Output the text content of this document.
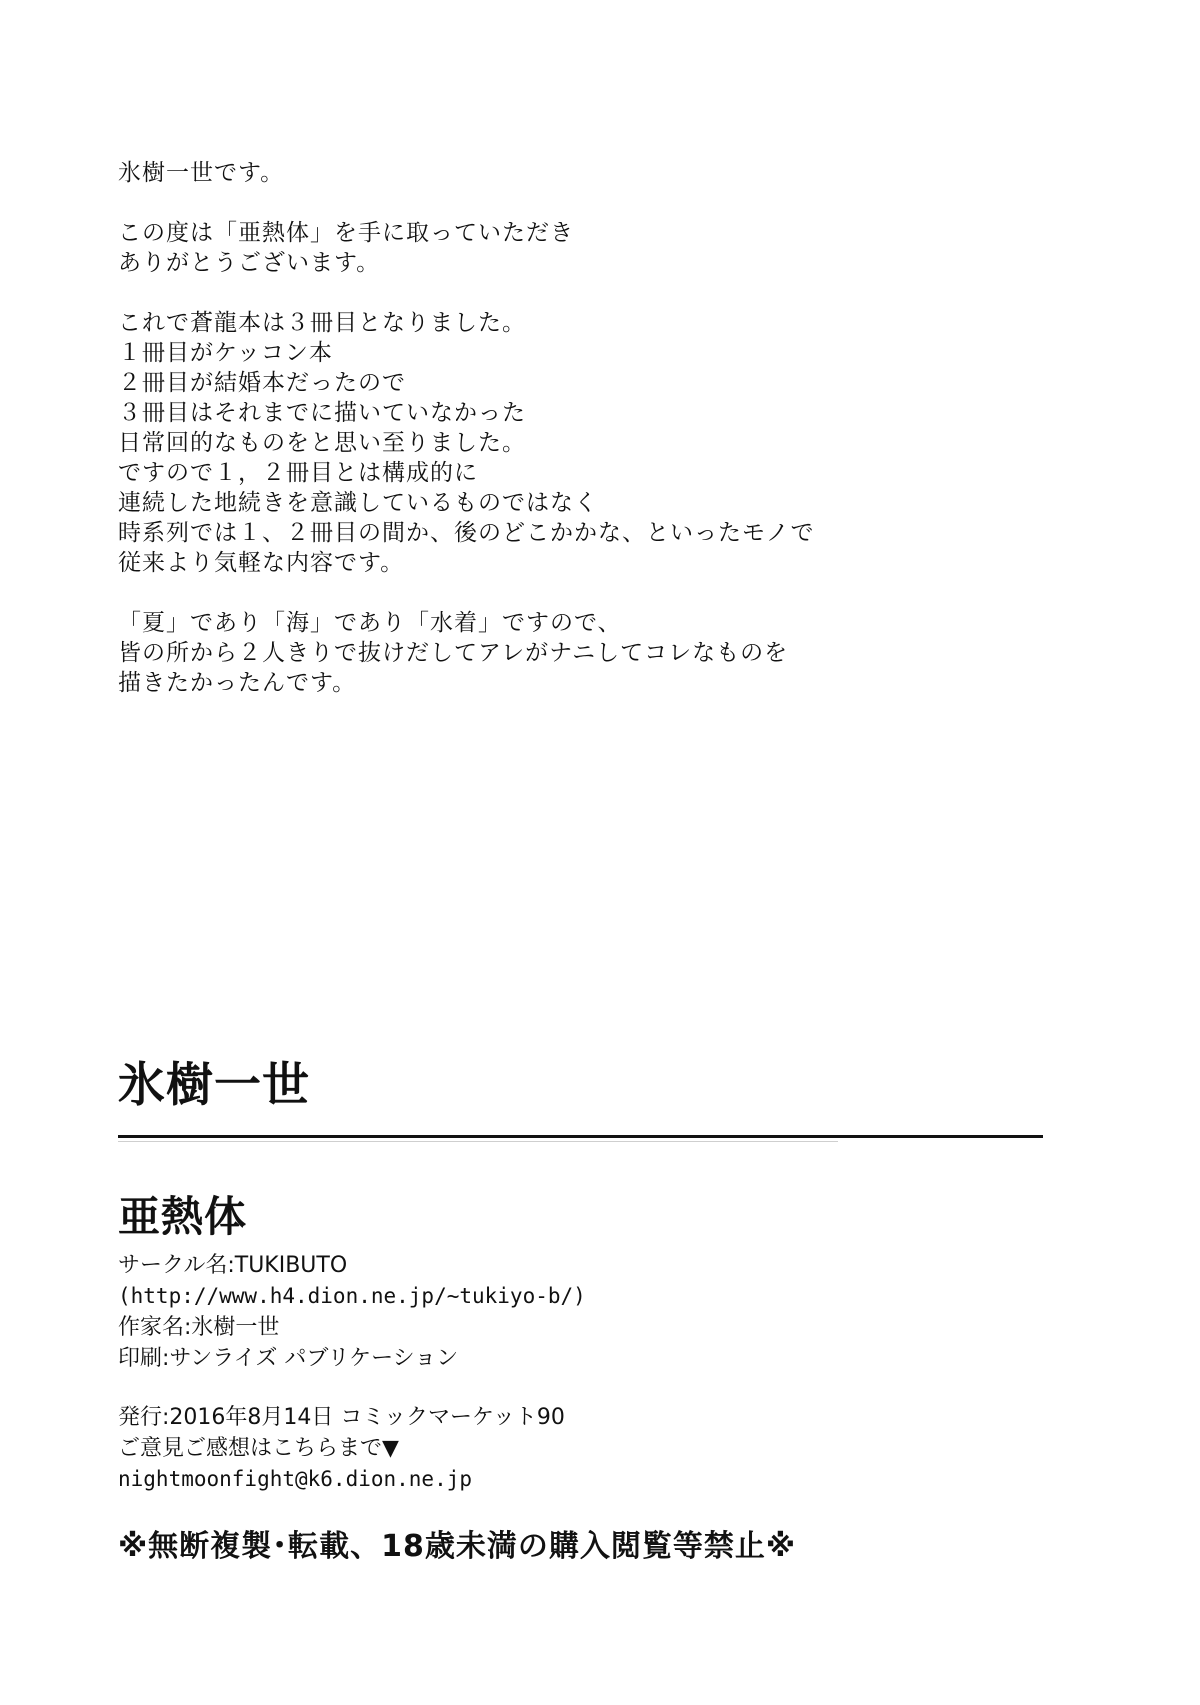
氷樹一世です。
この度は「亜熱体」を手に取っていただき
ありがとうございます。
これで蒼龍本は３冊目となりました。
１冊目がケッコン本
２冊目が結婚本だったので
３冊目はそれまでに描いていなかった
日常回的なものをと思い至りました。
ですので１，２冊目とは構成的に
連続した地続きを意識しているものではなく
時系列では１、２冊目の間か、後のどこかかな、といったモノで
従来より気軽な内容です。
「夏」であり「海」であり「水着」ですので、
皆の所から２人きりで抜けだしてアレがナニしてコレなものを
描きたかったんです。
氷樹一世
亜熱体
サークル名:TUKIBUTO
(http://www.h4.dion.ne.jp/~tukiyo-b/)
作家名:氷樹一世
印刷:サンライズ パブリケーション
発行:2016年8月14日 コミックマーケット90
ご意見ご感想はこちらまで▼
nightmoonfight@k6.dion.ne.jp
※無断複製･転載、18歳未満の購入閲覧等禁止※
